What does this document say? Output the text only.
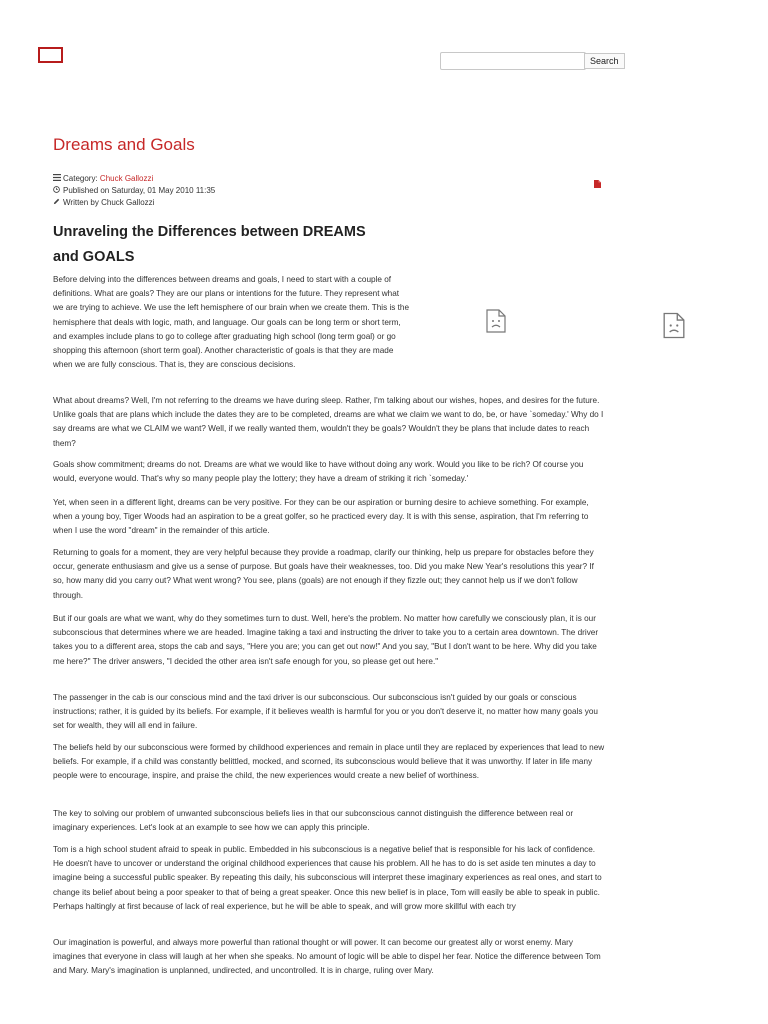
Search
Dreams and Goals
Category: Chuck Gallozzi
Published on Saturday, 01 May 2010 11:35
Written by Chuck Gallozzi
Unraveling the Differences between DREAMS and GOALS

Before delving into the differences between dreams and goals, I need to start with a couple of definitions. What are goals? They are our plans or intentions for the future. They represent what we are trying to achieve. We use the left hemisphere of our brain when we create them. This is the hemisphere that deals with logic, math, and language. Our goals can be long term or short term, and examples include plans to go to college after graduating high school (long term goal) or go shopping this afternoon (short term goal). Another characteristic of goals is that they are made when we are fully conscious. That is, they are conscious decisions.

What about dreams? Well, I'm not referring to the dreams we have during sleep. Rather, I'm talking about our wishes, hopes, and desires for the future. Unlike goals that are plans which include the dates they are to be completed, dreams are what we claim we want to do, be, or have `someday.' Why do I say dreams are what we CLAIM we want? Well, if we really wanted them, wouldn't they be goals? Wouldn't they be plans that include dates to reach them?

Goals show commitment; dreams do not. Dreams are what we would like to have without doing any work. Would you like to be rich? Of course you would, everyone would. That's why so many people play the lottery; they have a dream of striking it rich `someday.'

Yet, when seen in a different light, dreams can be very positive. For they can be our aspiration or burning desire to achieve something. For example, when a young boy, Tiger Woods had an aspiration to be a great golfer, so he practiced every day. It is with this sense, aspiration, that I'm referring to when I use the word "dream" in the remainder of this article.

Returning to goals for a moment, they are very helpful because they provide a roadmap, clarify our thinking, help us prepare for obstacles before they occur, generate enthusiasm and give us a sense of purpose. But goals have their weaknesses, too. Did you make New Year's resolutions this year? If so, how many did you carry out? What went wrong? You see, plans (goals) are not enough if they fizzle out; they cannot help us if we don't follow through.

But if our goals are what we want, why do they sometimes turn to dust. Well, here's the problem. No matter how carefully we consciously plan, it is our subconscious that determines where we are headed. Imagine taking a taxi and instructing the driver to take you to a certain area downtown. The driver takes you to a different area, stops the cab and says, "Here you are; you can get out now!" And you say, "But I don't want to be here. Why did you take me here?" The driver answers, "I decided the other area isn't safe enough for you, so please get out here."

The passenger in the cab is our conscious mind and the taxi driver is our subconscious. Our subconscious isn't guided by our goals or conscious instructions; rather, it is guided by its beliefs. For example, if it believes wealth is harmful for you or you don't deserve it, no matter how many goals you set for wealth, they will all end in failure.

The beliefs held by our subconscious were formed by childhood experiences and remain in place until they are replaced by experiences that lead to new beliefs. For example, if a child was constantly belittled, mocked, and scorned, its subconscious would believe that it was unworthy. If later in life many people were to encourage, inspire, and praise the child, the new experiences would create a new belief of worthiness.

The key to solving our problem of unwanted subconscious beliefs lies in that our subconscious cannot distinguish the difference between real or imaginary experiences. Let's look at an example to see how we can apply this principle.

Tom is a high school student afraid to speak in public. Embedded in his subconscious is a negative belief that is responsible for his lack of confidence. He doesn't have to uncover or understand the original childhood experiences that cause his problem. All he has to do is set aside ten minutes a day to imagine being a successful public speaker. By repeating this daily, his subconscious will interpret these imaginary experiences as real ones, and start to change its belief about being a poor speaker to that of being a great speaker. Once this new belief is in place, Tom will easily be able to speak in public. Perhaps haltingly at first because of lack of real experience, but he will be able to speak, and will grow more skillful with each try

Our imagination is powerful, and always more powerful than rational thought or will power. It can become our greatest ally or worst enemy. Mary imagines that everyone in class will laugh at her when she speaks. No amount of logic will be able to dispel her fear. Notice the difference between Tom and Mary. Mary's imagination is unplanned, undirected, and uncontrolled. It is in charge, ruling over Mary.
